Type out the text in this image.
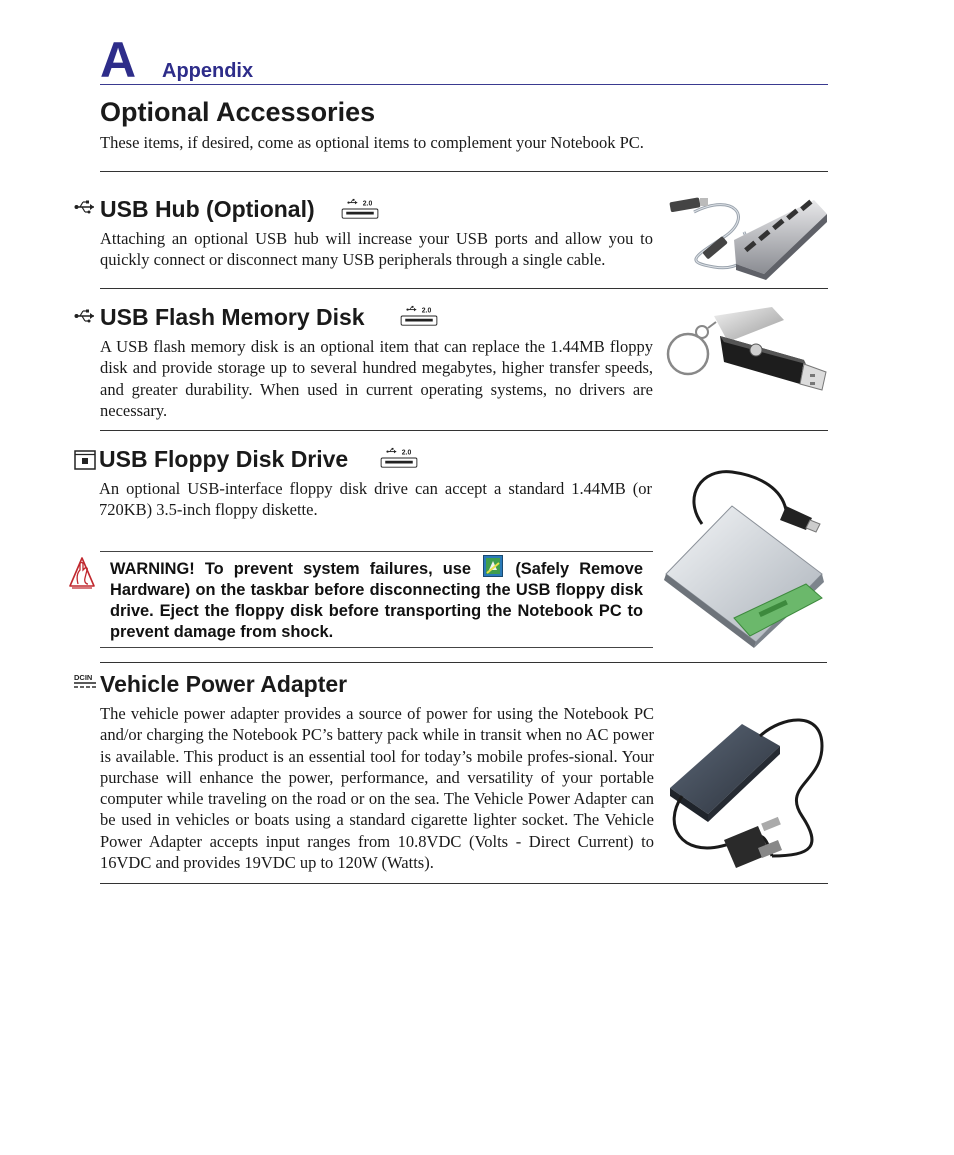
A Appendix
Optional Accessories
These items, if desired, come as optional items to complement your Notebook PC.
USB Hub (Optional)	2.0
Attaching an optional USB hub will increase your USB ports and allow you to quickly connect or disconnect many USB peripherals through a single cable.
USB Flash Memory Disk	2.0
A USB flash memory disk is an optional item that can replace the 1.44MB floppy disk and provide storage up to several hundred megabytes, higher transfer speeds, and greater durability. When used in current operating systems, no drivers are necessary.
USB Floppy Disk Drive	2.0
An optional USB-interface floppy disk drive can accept a standard 1.44MB (or 720KB) 3.5-inch floppy diskette.
WARNING! To prevent system failures, use	(Safely Remove Hardware) on the taskbar before disconnecting the USB floppy disk drive. Eject the floppy disk before transporting the Notebook PC to prevent damage from shock.
DCIN Vehicle Power Adapter
The vehicle power adapter provides a source of power for using the Notebook PC and/or charging the Notebook PC’s battery pack while in transit when no AC power is available. This product is an essential tool for today’s mobile profes-sional. Your purchase will enhance the power, performance, and versatility of your portable computer while traveling on the road or on the sea. The Vehicle Power Adapter can be used in vehicles or boats using a standard cigarette lighter socket. The Vehicle Power Adapter accepts input ranges from 10.8VDC (Volts - Direct Current) to 16VDC and provides 19VDC up to 120W (Watts).
